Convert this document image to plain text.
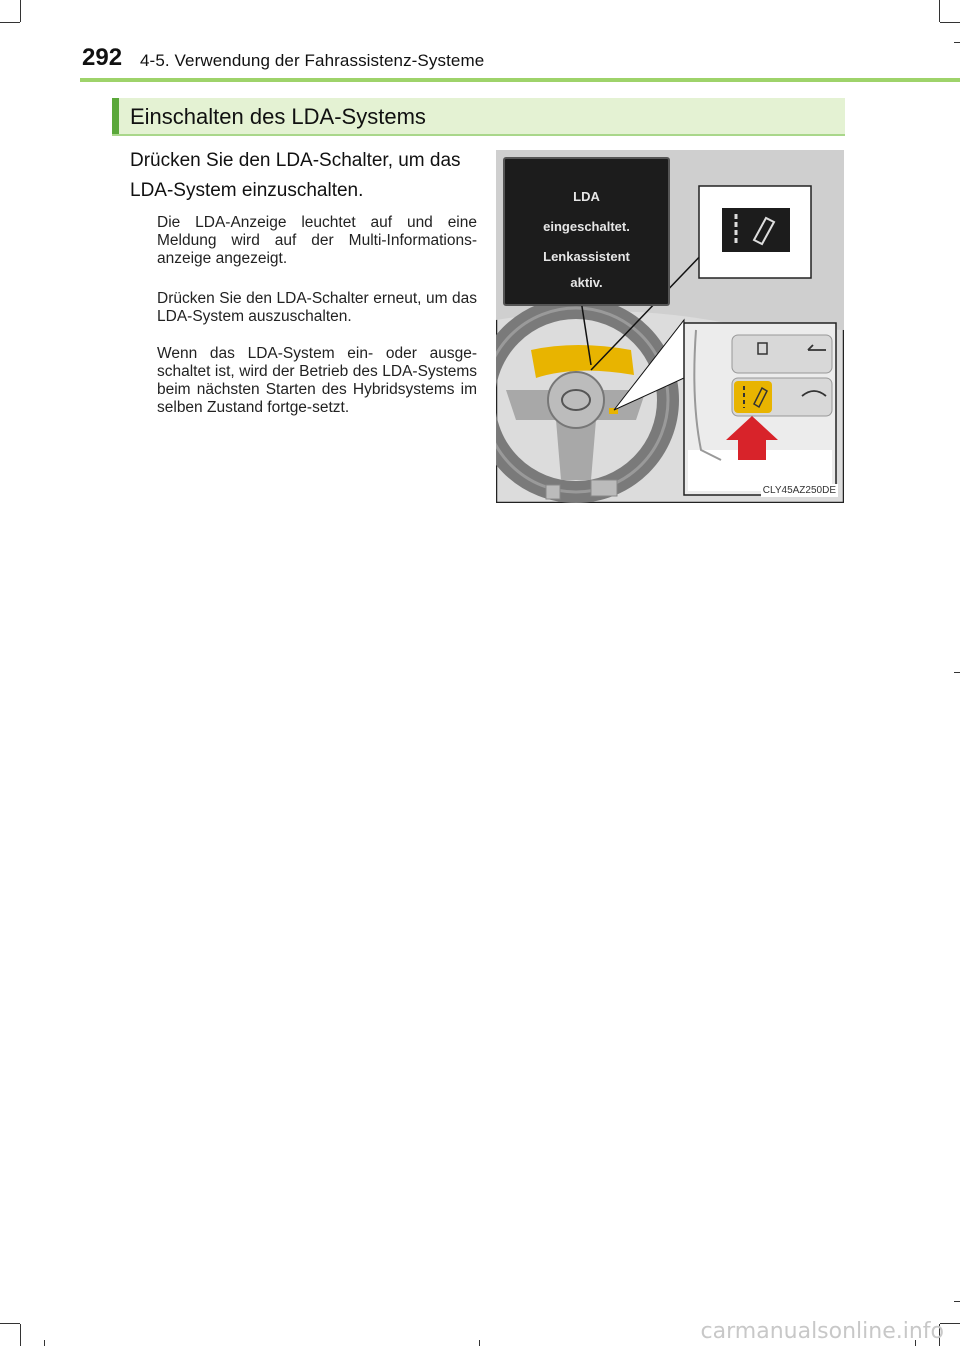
292 4-5. Verwendung der Fahrassistenz-Systeme
Einschalten des LDA-Systems
Drücken Sie den LDA-Schalter, um das
LDA-System einzuschalten.
Die LDA-Anzeige leuchtet auf und eine Meldung wird auf der Multi-Informations-anzeige angezeigt.
Drücken Sie den LDA-Schalter erneut, um das LDA-System auszuschalten.
Wenn das LDA-System ein- oder ausge-schaltet ist, wird der Betrieb des LDA-Systems beim nächsten Starten des Hybridsystems im selben Zustand fortge-setzt.
LDA
eingeschaltet.
Lenkassistent
aktiv.
CLY45AZ250DE
carmanualsonline.info
